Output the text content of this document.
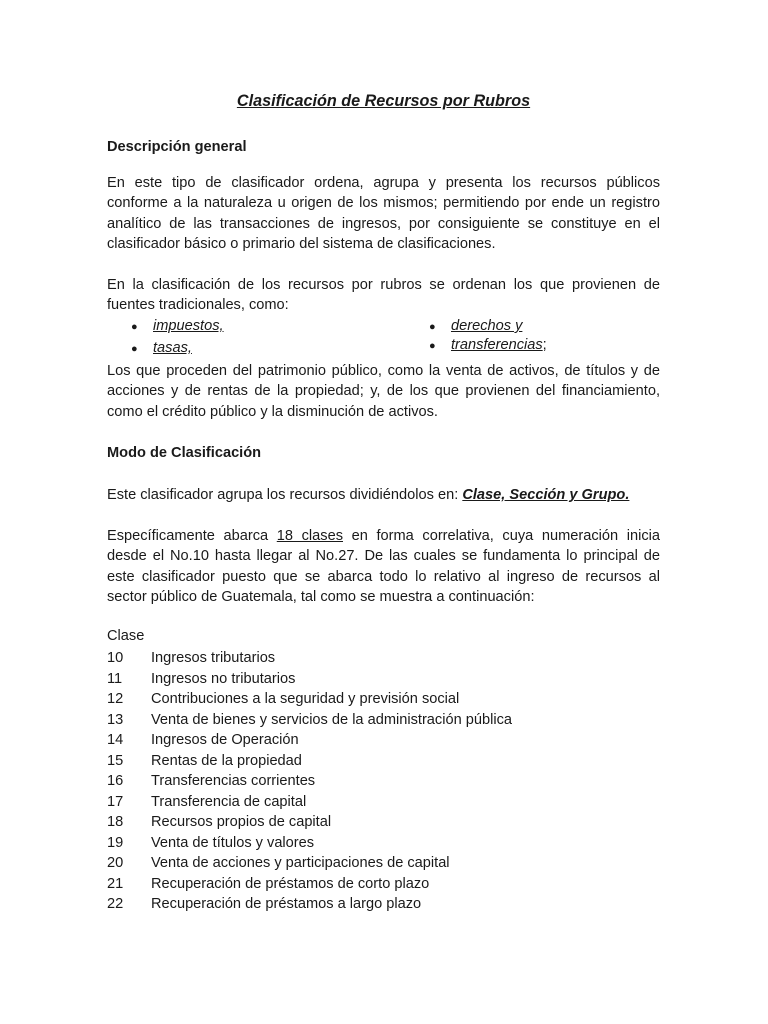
Clasificación de Recursos por Rubros
Descripción general

En este tipo de clasificador ordena, agrupa y presenta los recursos públicos conforme a la naturaleza u origen de los mismos; permitiendo por ende un registro analítico de las transacciones de ingresos, por consiguiente se constituye en el clasificador básico o primario del sistema de clasificaciones.

En la clasificación de los recursos por rubros se ordenan los que provienen de fuentes tradicionales, como:

● impuestos,
● tasas,
● derechos y
● transferencias;

Los que proceden del patrimonio público, como la venta de activos, de títulos y de acciones y de rentas de la propiedad; y, de los que provienen del financiamiento, como el crédito público y la disminución de activos.

Modo de Clasificación

Este clasificador agrupa los recursos dividiéndolos en: Clase, Sección y Grupo.

Específicamente abarca 18 clases en forma correlativa, cuya numeración inicia desde el No.10 hasta llegar al No.27. De las cuales se fundamenta lo principal de este clasificador puesto que se abarca todo lo relativo al ingreso de recursos al sector público de Guatemala, tal como se muestra a continuación:

Clase
10 Ingresos tributarios
11 Ingresos no tributarios
12 Contribuciones a la seguridad y previsión social
13 Venta de bienes y servicios de la administración pública
14 Ingresos de Operación
15 Rentas de la propiedad
16 Transferencias corrientes
17 Transferencia de capital
18 Recursos propios de capital
19 Venta de títulos y valores
20 Venta de acciones y participaciones de capital
21 Recuperación de préstamos de corto plazo
22 Recuperación de préstamos a largo plazo
